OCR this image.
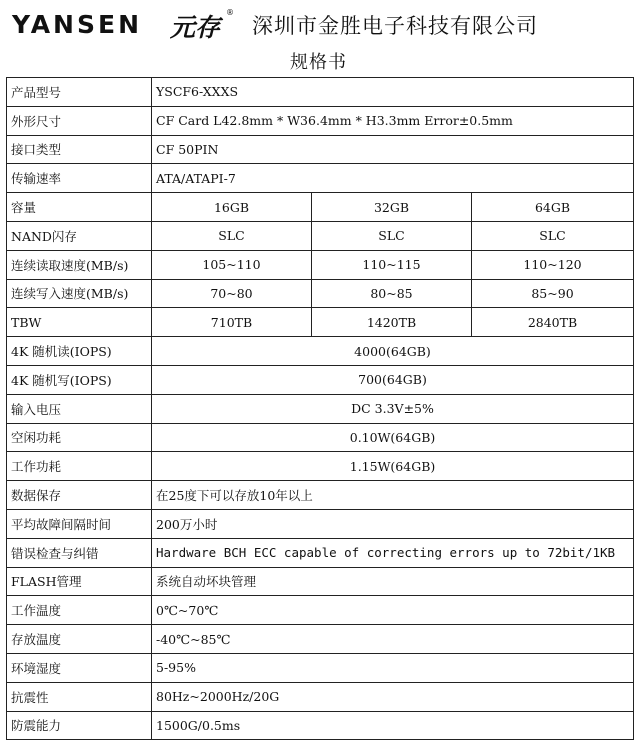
YANSEN 元存
®
深圳市金胜电子科技有限公司
规格书
产品型号	YSCF6-XXXS		
外形尺寸	CF Card L42.8mm * W36.4mm * H3.3mm Error±0.5mm		
接口类型	CF 50PIN		
传输速率	ATA/ATAPI-7		
容量	16GB	32GB	64GB
NAND闪存	SLC	SLC	SLC
连续读取速度(MB/s)	105~110	110~115	110~120
连续写入速度(MB/s)	70~80	80~85	85~90
TBW	710TB	1420TB	2840TB
4K 随机读(IOPS)	4000(64GB)		
4K 随机写(IOPS)	700(64GB)		
输入电压	DC 3.3V±5%		
空闲功耗	0.10W(64GB)		
工作功耗	1.15W(64GB)		
数据保存	在25度下可以存放10年以上		
平均故障间隔时间	200万小时		
错误检查与纠错	Hardware BCH ECC capable of correcting errors up to 72bit/1KB		
FLASH管理	系统自动坏块管理		
工作温度	0℃~70℃		
存放温度	-40℃~85℃		
环境湿度	5-95%		
抗震性	80Hz~2000Hz/20G		
防震能力	1500G/0.5ms		
